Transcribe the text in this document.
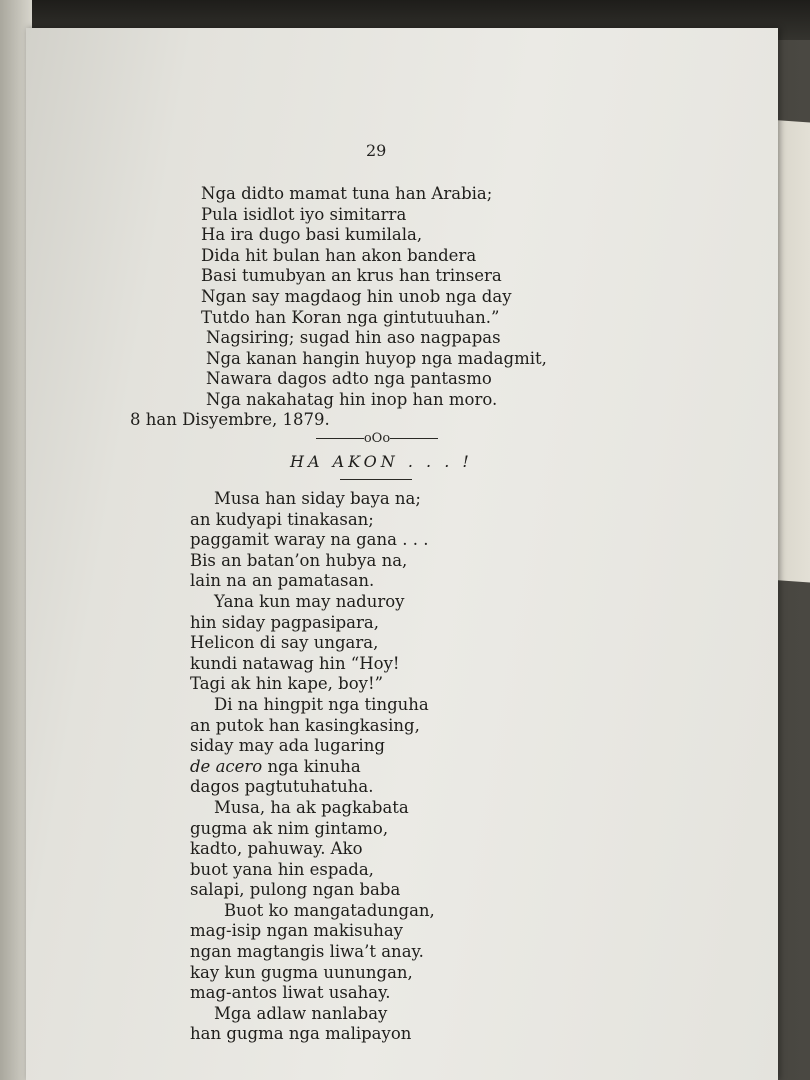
29
Nga didto mamat tuna han Arabia;
Pula isidlot iyo simitarra
Ha ira dugo basi kumilala,
Dida hit bulan han akon bandera
Basi tumubyan an krus han trinsera
Ngan say magdaog hin unob nga day
Tutdo han Koran nga gintutuuhan.”
Nagsiring; sugad hin aso nagpapas
Nga kanan hangin huyop nga madagmit,
Nawara dagos adto nga pantasmo
Nga nakahatag hin inop han moro.
8 han Disyembre, 1879.
oOo
HA AKON . . . !
Musa han siday baya na;
an kudyapi tinakasan;
paggamit waray na gana . . .
Bis an batan’on hubya na,
lain na an pamatasan.
Yana kun may naduroy
hin siday pagpasipara,
Helicon di say ungara,
kundi natawag hin “Hoy!
Tagi ak hin kape, boy!”
Di na hingpit nga tinguha
an putok han kasingkasing,
siday may ada lugaring
de acero nga kinuha
dagos pagtutuhatuha.
Musa, ha ak pagkabata
gugma ak nim gintamo,
kadto, pahuway. Ako
buot yana hin espada,
salapi, pulong ngan baba
Buot ko mangatadungan,
mag-isip ngan makisuhay
ngan magtangis liwa’t anay.
kay kun gugma uunungan,
mag-antos liwat usahay.
Mga adlaw nanlabay
han gugma nga malipayon
